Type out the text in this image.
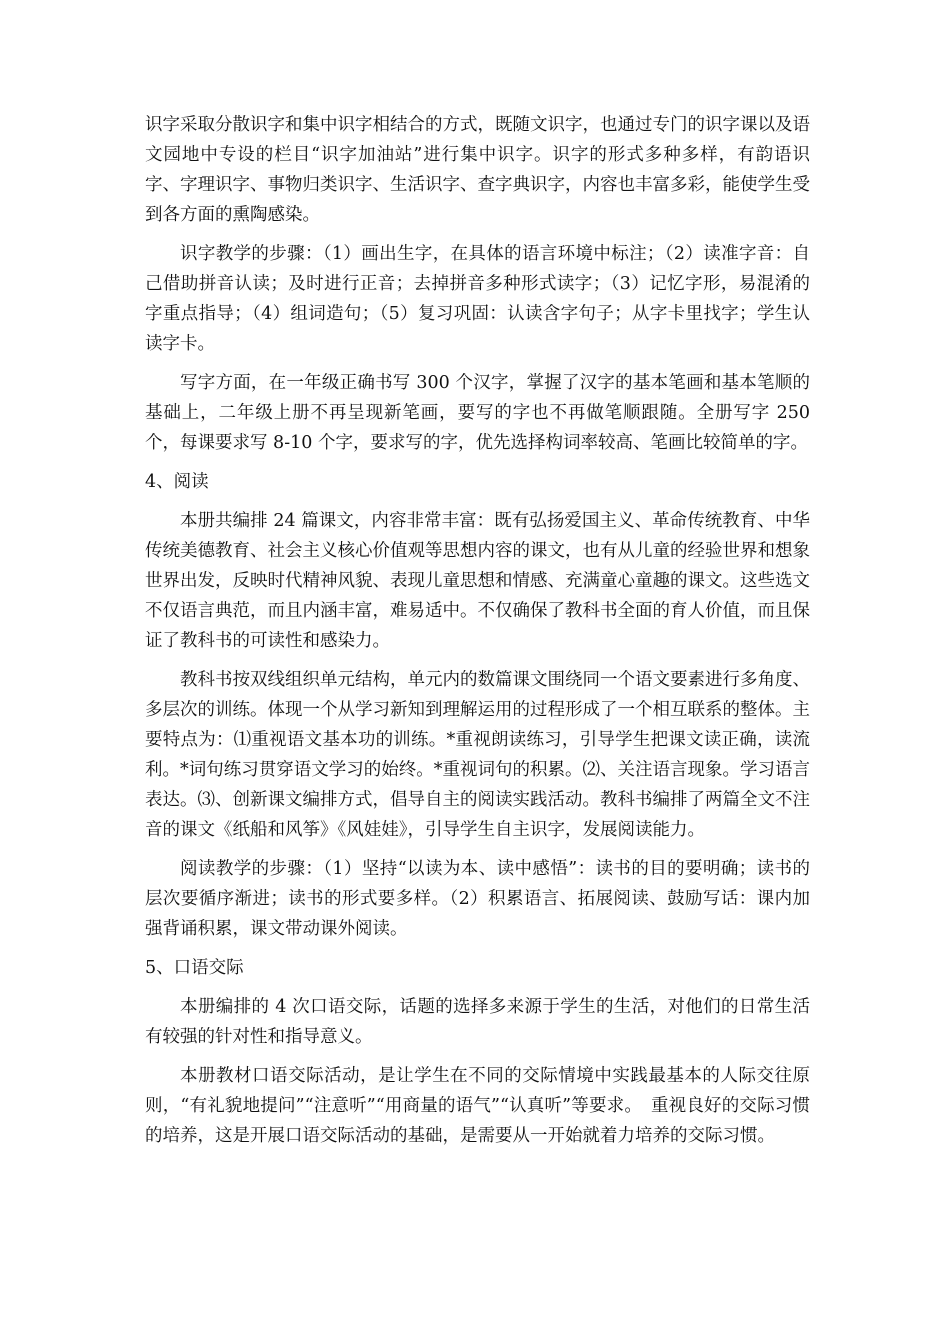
识字采取分散识字和集中识字相结合的方式，既随文识字，也通过专门的识字课以及语文园地中专设的栏目“识字加油站”进行集中识字。识字的形式多种多样，有韵语识字、字理识字、事物归类识字、生活识字、查字典识字，内容也丰富多彩，能使学生受到各方面的熏陶感染。

识字教学的步骤：（1）画出生字，在具体的语言环境中标注；（2）读准字音：自己借助拼音认读；及时进行正音；去掉拼音多种形式读字；（3）记忆字形，易混淆的字重点指导；（4）组词造句；（5）复习巩固：认读含字句子；从字卡里找字；学生认读字卡。

写字方面，在一年级正确书写 300 个汉字，掌握了汉字的基本笔画和基本笔顺的基础上，二年级上册不再呈现新笔画，要写的字也不再做笔顺跟随。全册写字 250 个，每课要求写 8-10 个字，要求写的字，优先选择构词率较高、笔画比较简单的字。

4、阅读

本册共编排 24 篇课文，内容非常丰富：既有弘扬爱国主义、革命传统教育、中华传统美德教育、社会主义核心价值观等思想内容的课文，也有从儿童的经验世界和想象世界出发，反映时代精神风貌、表现儿童思想和情感、充满童心童趣的课文。这些选文不仅语言典范，而且内涵丰富，难易适中。不仅确保了教科书全面的育人价值，而且保证了教科书的可读性和感染力。

教科书按双线组织单元结构，单元内的数篇课文围绕同一个语文要素进行多角度、多层次的训练。体现一个从学习新知到理解运用的过程形成了一个相互联系的整体。主要特点为：⑴重视语文基本功的训练。*重视朗读练习，引导学生把课文读正确，读流利。*词句练习贯穿语文学习的始终。*重视词句的积累。⑵、关注语言现象。学习语言表达。⑶、创新课文编排方式，倡导自主的阅读实践活动。教科书编排了两篇全文不注音的课文《纸船和风筝》《风娃娃》，引导学生自主识字，发展阅读能力。

阅读教学的步骤：（1）坚持“以读为本、读中感悟”：读书的目的要明确；读书的层次要循序渐进；读书的形式要多样。（2）积累语言、拓展阅读、鼓励写话：课内加强背诵积累，课文带动课外阅读。

5、口语交际

本册编排的 4 次口语交际，话题的选择多来源于学生的生活，对他们的日常生活有较强的针对性和指导意义。

本册教材口语交际活动，是让学生在不同的交际情境中实践最基本的人际交往原则，“有礼貌地提问”“注意听”“用商量的语气”“认真听”等要求。　重视良好的交际习惯的培养，这是开展口语交际活动的基础，是需要从一开始就着力培养的交际习惯。
